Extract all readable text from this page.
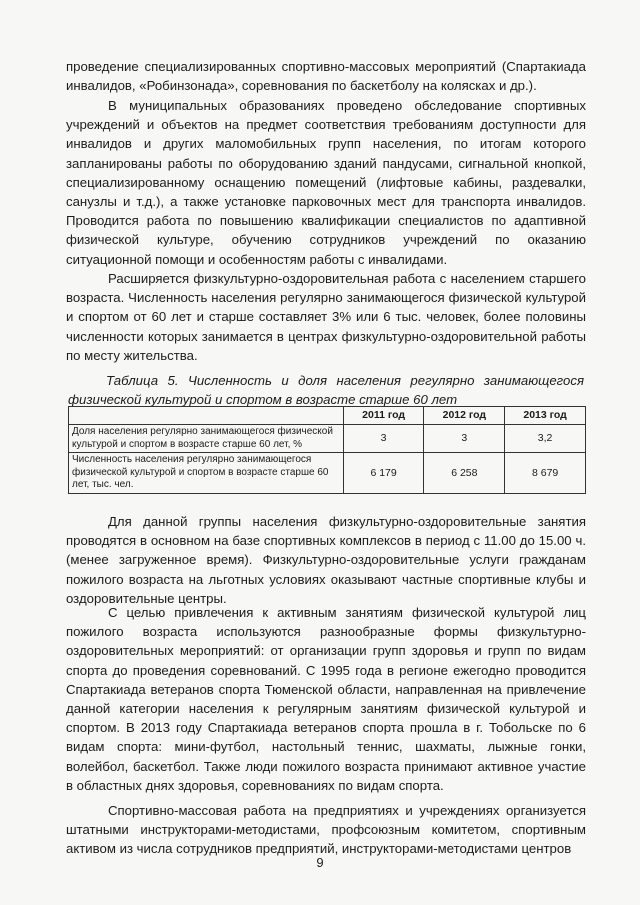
проведение специализированных спортивно-массовых мероприятий (Спартакиада инвалидов, «Робинзонада», соревнования по баскетболу на колясках и др.).

В муниципальных образованиях проведено обследование спортивных учреждений и объектов на предмет соответствия требованиям доступности для инвалидов и других маломобильных групп населения, по итогам которого запланированы работы по оборудованию зданий пандусами, сигнальной кнопкой, специализированному оснащению помещений (лифтовые кабины, раздевалки, санузлы и т.д.), а также установке парковочных мест для транспорта инвалидов. Проводится работа по повышению квалификации специалистов по адаптивной физической культуре, обучению сотрудников учреждений по оказанию ситуационной помощи и особенностям работы с инвалидами.

Расширяется физкультурно-оздоровительная работа с населением старшего возраста. Численность населения регулярно занимающегося физической культурой и спортом от 60 лет и старше составляет 3% или 6 тыс. человек, более половины численности которых занимается в центрах физкультурно-оздоровительной работы по месту жительства.

Таблица 5. Численность и доля населения регулярно занимающегося физической культурой и спортом в возрасте старше 60 лет

	2011 год	2012 год	2013 год
Доля населения регулярно занимающегося физической культурой и спортом в возрасте старше 60 лет, %	3	3	3,2
Численность населения регулярно занимающегося физической культурой и спортом в возрасте старше 60 лет, тыс. чел.	6 179	6 258	8 679

Для данной группы населения физкультурно-оздоровительные занятия проводятся в основном на базе спортивных комплексов в период с 11.00 до 15.00 ч. (менее загруженное время). Физкультурно-оздоровительные услуги гражданам пожилого возраста на льготных условиях оказывают частные спортивные клубы и оздоровительные центры.

С целью привлечения к активным занятиям физической культурой лиц пожилого возраста используются разнообразные формы физкультурно-оздоровительных мероприятий: от организации групп здоровья и групп по видам спорта до проведения соревнований. С 1995 года в регионе ежегодно проводится Спартакиада ветеранов спорта Тюменской области, направленная на привлечение данной категории населения к регулярным занятиям физической культурой и спортом. В 2013 году Спартакиада ветеранов спорта прошла в г. Тобольске по 6 видам спорта: мини-футбол, настольный теннис, шахматы, лыжные гонки, волейбол, баскетбол. Также люди пожилого возраста принимают активное участие в областных днях здоровья, соревнованиях по видам спорта.

Спортивно-массовая работа на предприятиях и учреждениях организуется штатными инструкторами-методистами, профсоюзным комитетом, спортивным активом из числа сотрудников предприятий, инструкторами-методистами центров

9
